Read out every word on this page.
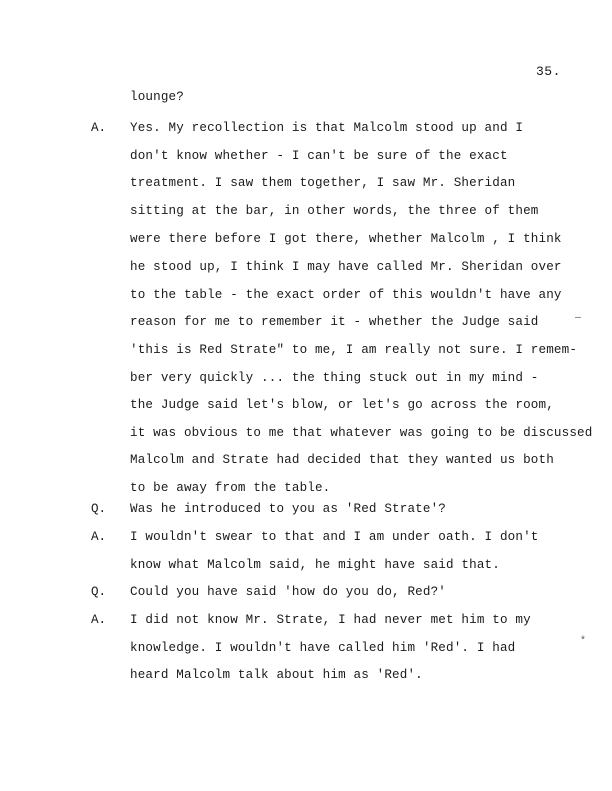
35.
lounge?
A. Yes. My recollection is that Malcolm stood up and I
don't know whether - I can't be sure of the exact
treatment. I saw them together, I saw Mr. Sheridan
sitting at the bar, in other words, the three of them
were there before I got there, whether Malcolm , I think
he stood up, I think I may have called Mr. Sheridan over
to the table - the exact order of this wouldn't have any
reason for me to remember it - whether the Judge said
'this is Red Strate" to me, I am really not sure. I remem-
ber very quickly ... the thing stuck out in my mind -
the Judge said let's blow, or let's go across the room,
it was obvious to me that whatever was going to be discussed
Malcolm and Strate had decided that they wanted us both
to be away from the table.
Q. Was he introduced to you as 'Red Strate'?
A. I wouldn't swear to that and I am under oath. I don't
know what Malcolm said, he might have said that.
Q. Could you have said 'how do you do, Red?'
A. I did not know Mr. Strate, I had never met him to my
knowledge. I wouldn't have called him 'Red'. I had
heard Malcolm talk about him as 'Red'.
—
*
